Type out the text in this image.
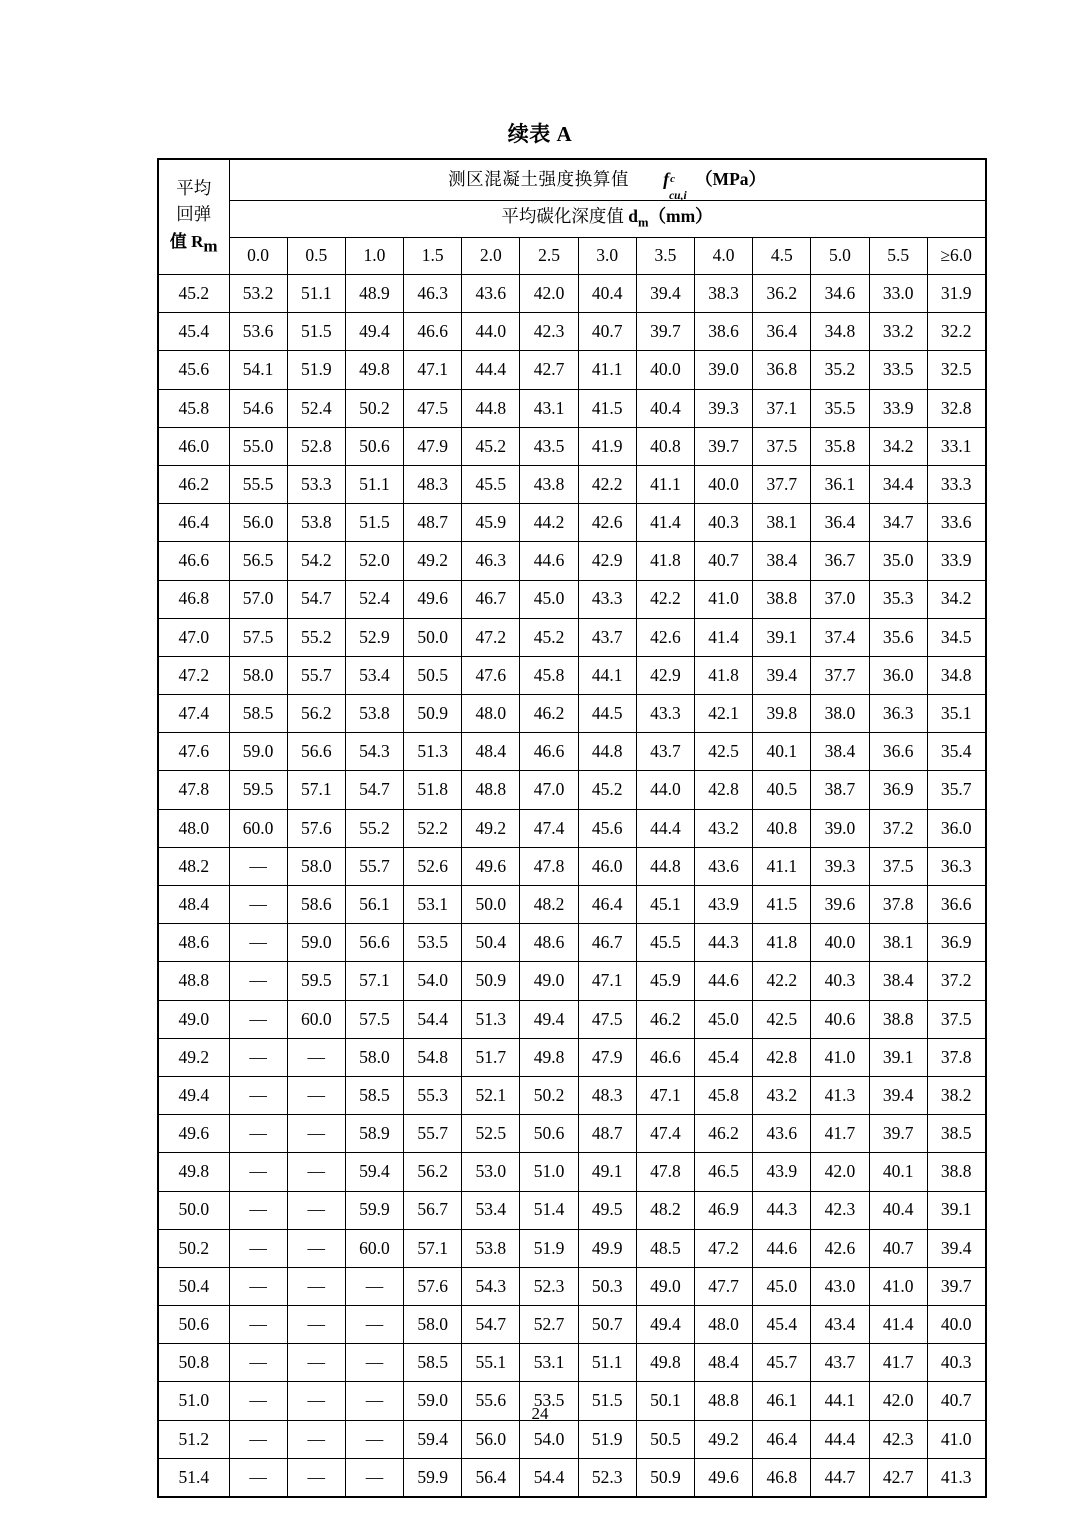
续表 A
平均
回弹
值 Rm	测区混凝土强度换算值 f c
cu,i
（MPa）												
	平均碳化深度值 $d_m(mm)$												
	0.0	0.5	1.0	1.5	2.0	2.5	3.0	3.5	4.0	4.5	5.0	5.5	≥6.0
45.2	53.2	51.1	48.9	46.3	43.6	42.0	40.4	39.4	38.3	36.2	34.6	33.0	31.9
45.4	53.6	51.5	49.4	46.6	44.0	42.3	40.7	39.7	38.6	36.4	34.8	33.2	32.2
45.6	54.1	51.9	49.8	47.1	44.4	42.7	41.1	40.0	39.0	36.8	35.2	33.5	32.5
45.8	54.6	52.4	50.2	47.5	44.8	43.1	41.5	40.4	39.3	37.1	35.5	33.9	32.8
46.0	55.0	52.8	50.6	47.9	45.2	43.5	41.9	40.8	39.7	37.5	35.8	34.2	33.1
46.2	55.5	53.3	51.1	48.3	45.5	43.8	42.2	41.1	40.0	37.7	36.1	34.4	33.3
46.4	56.0	53.8	51.5	48.7	45.9	44.2	42.6	41.4	40.3	38.1	36.4	34.7	33.6
46.6	56.5	54.2	52.0	49.2	46.3	44.6	42.9	41.8	40.7	38.4	36.7	35.0	33.9
46.8	57.0	54.7	52.4	49.6	46.7	45.0	43.3	42.2	41.0	38.8	37.0	35.3	34.2
47.0	57.5	55.2	52.9	50.0	47.2	45.2	43.7	42.6	41.4	39.1	37.4	35.6	34.5
47.2	58.0	55.7	53.4	50.5	47.6	45.8	44.1	42.9	41.8	39.4	37.7	36.0	34.8
47.4	58.5	56.2	53.8	50.9	48.0	46.2	44.5	43.3	42.1	39.8	38.0	36.3	35.1
47.6	59.0	56.6	54.3	51.3	48.4	46.6	44.8	43.7	42.5	40.1	38.4	36.6	35.4
47.8	59.5	57.1	54.7	51.8	48.8	47.0	45.2	44.0	42.8	40.5	38.7	36.9	35.7
48.0	60.0	57.6	55.2	52.2	49.2	47.4	45.6	44.4	43.2	40.8	39.0	37.2	36.0
48.2	—	58.0	55.7	52.6	49.6	47.8	46.0	44.8	43.6	41.1	39.3	37.5	36.3
48.4	—	58.6	56.1	53.1	50.0	48.2	46.4	45.1	43.9	41.5	39.6	37.8	36.6
48.6	—	59.0	56.6	53.5	50.4	48.6	46.7	45.5	44.3	41.8	40.0	38.1	36.9
48.8	—	59.5	57.1	54.0	50.9	49.0	47.1	45.9	44.6	42.2	40.3	38.4	37.2
49.0	—	60.0	57.5	54.4	51.3	49.4	47.5	46.2	45.0	42.5	40.6	38.8	37.5
49.2	—	—	58.0	54.8	51.7	49.8	47.9	46.6	45.4	42.8	41.0	39.1	37.8
49.4	—	—	58.5	55.3	52.1	50.2	48.3	47.1	45.8	43.2	41.3	39.4	38.2
49.6	—	—	58.9	55.7	52.5	50.6	48.7	47.4	46.2	43.6	41.7	39.7	38.5
49.8	—	—	59.4	56.2	53.0	51.0	49.1	47.8	46.5	43.9	42.0	40.1	38.8
50.0	—	—	59.9	56.7	53.4	51.4	49.5	48.2	46.9	44.3	42.3	40.4	39.1
50.2	—	—	60.0	57.1	53.8	51.9	49.9	48.5	47.2	44.6	42.6	40.7	39.4
50.4	—	—	—	57.6	54.3	52.3	50.3	49.0	47.7	45.0	43.0	41.0	39.7
50.6	—	—	—	58.0	54.7	52.7	50.7	49.4	48.0	45.4	43.4	41.4	40.0
50.8	—	—	—	58.5	55.1	53.1	51.1	49.8	48.4	45.7	43.7	41.7	40.3
51.0	—	—	—	59.0	55.6	53.5	51.5	50.1	48.8	46.1	44.1	42.0	40.7
51.2	—	—	—	59.4	56.0	54.0	51.9	50.5	49.2	46.4	44.4	42.3	41.0
51.4	—	—	—	59.9	56.4	54.4	52.3	50.9	49.6	46.8	44.7	42.7	41.3
24
